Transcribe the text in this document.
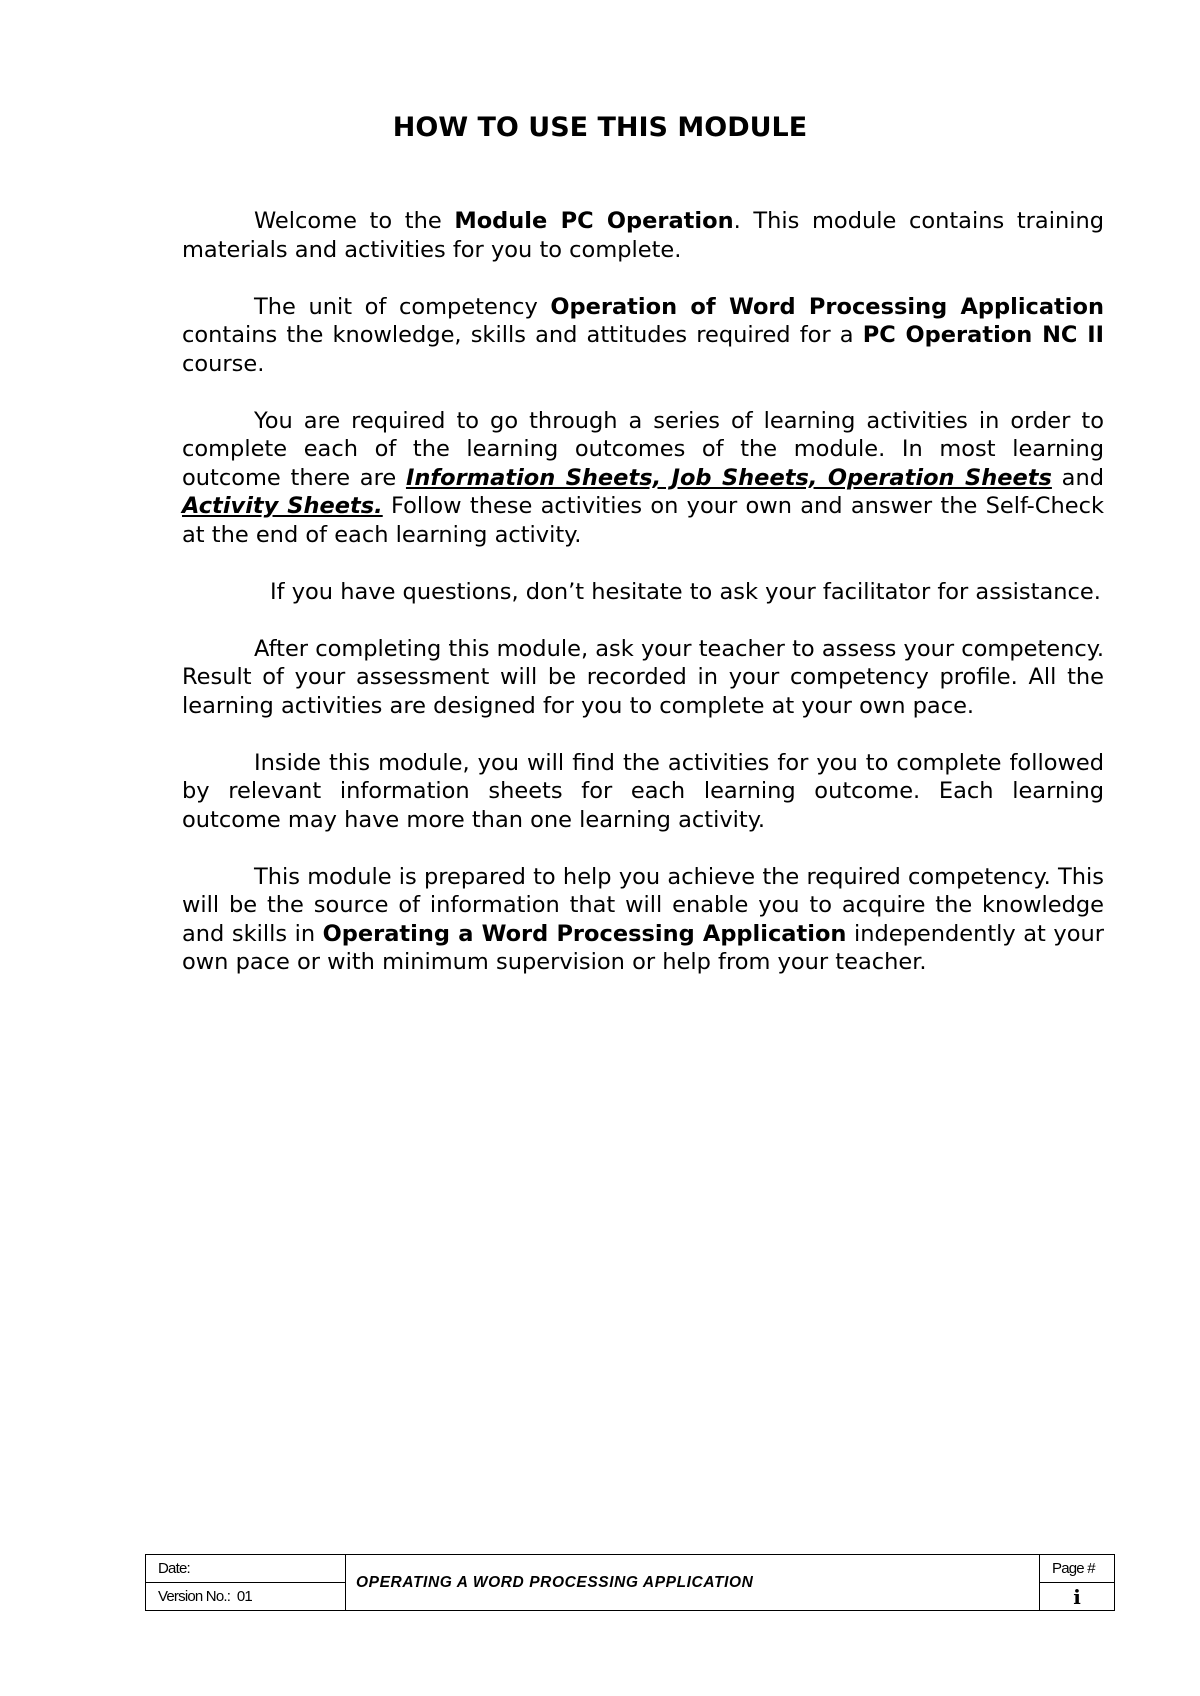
HOW TO USE THIS MODULE

Welcome to the Module PC Operation. This module contains training materials and activities for you to complete.

The unit of competency Operation of Word Processing Application contains the knowledge, skills and attitudes required for a PC Operation NC II course.

You are required to go through a series of learning activities in order to complete each of the learning outcomes of the module. In most learning outcome there are Information Sheets, Job Sheets, Operation Sheets and Activity Sheets. Follow these activities on your own and answer the Self-Check at the end of each learning activity.

If you have questions, don’t hesitate to ask your facilitator for assistance.

After completing this module, ask your teacher to assess your competency. Result of your assessment will be recorded in your competency profile. All the learning activities are designed for you to complete at your own pace.

Inside this module, you will find the activities for you to complete followed by relevant information sheets for each learning outcome. Each learning outcome may have more than one learning activity.

This module is prepared to help you achieve the required competency. This will be the source of information that will enable you to acquire the knowledge and skills in Operating a Word Processing Application independently at your own pace or with minimum supervision or help from your teacher.

Date:	OPERATING A WORD PROCESSING APPLICATION	Page #
Version No.: 01		i
